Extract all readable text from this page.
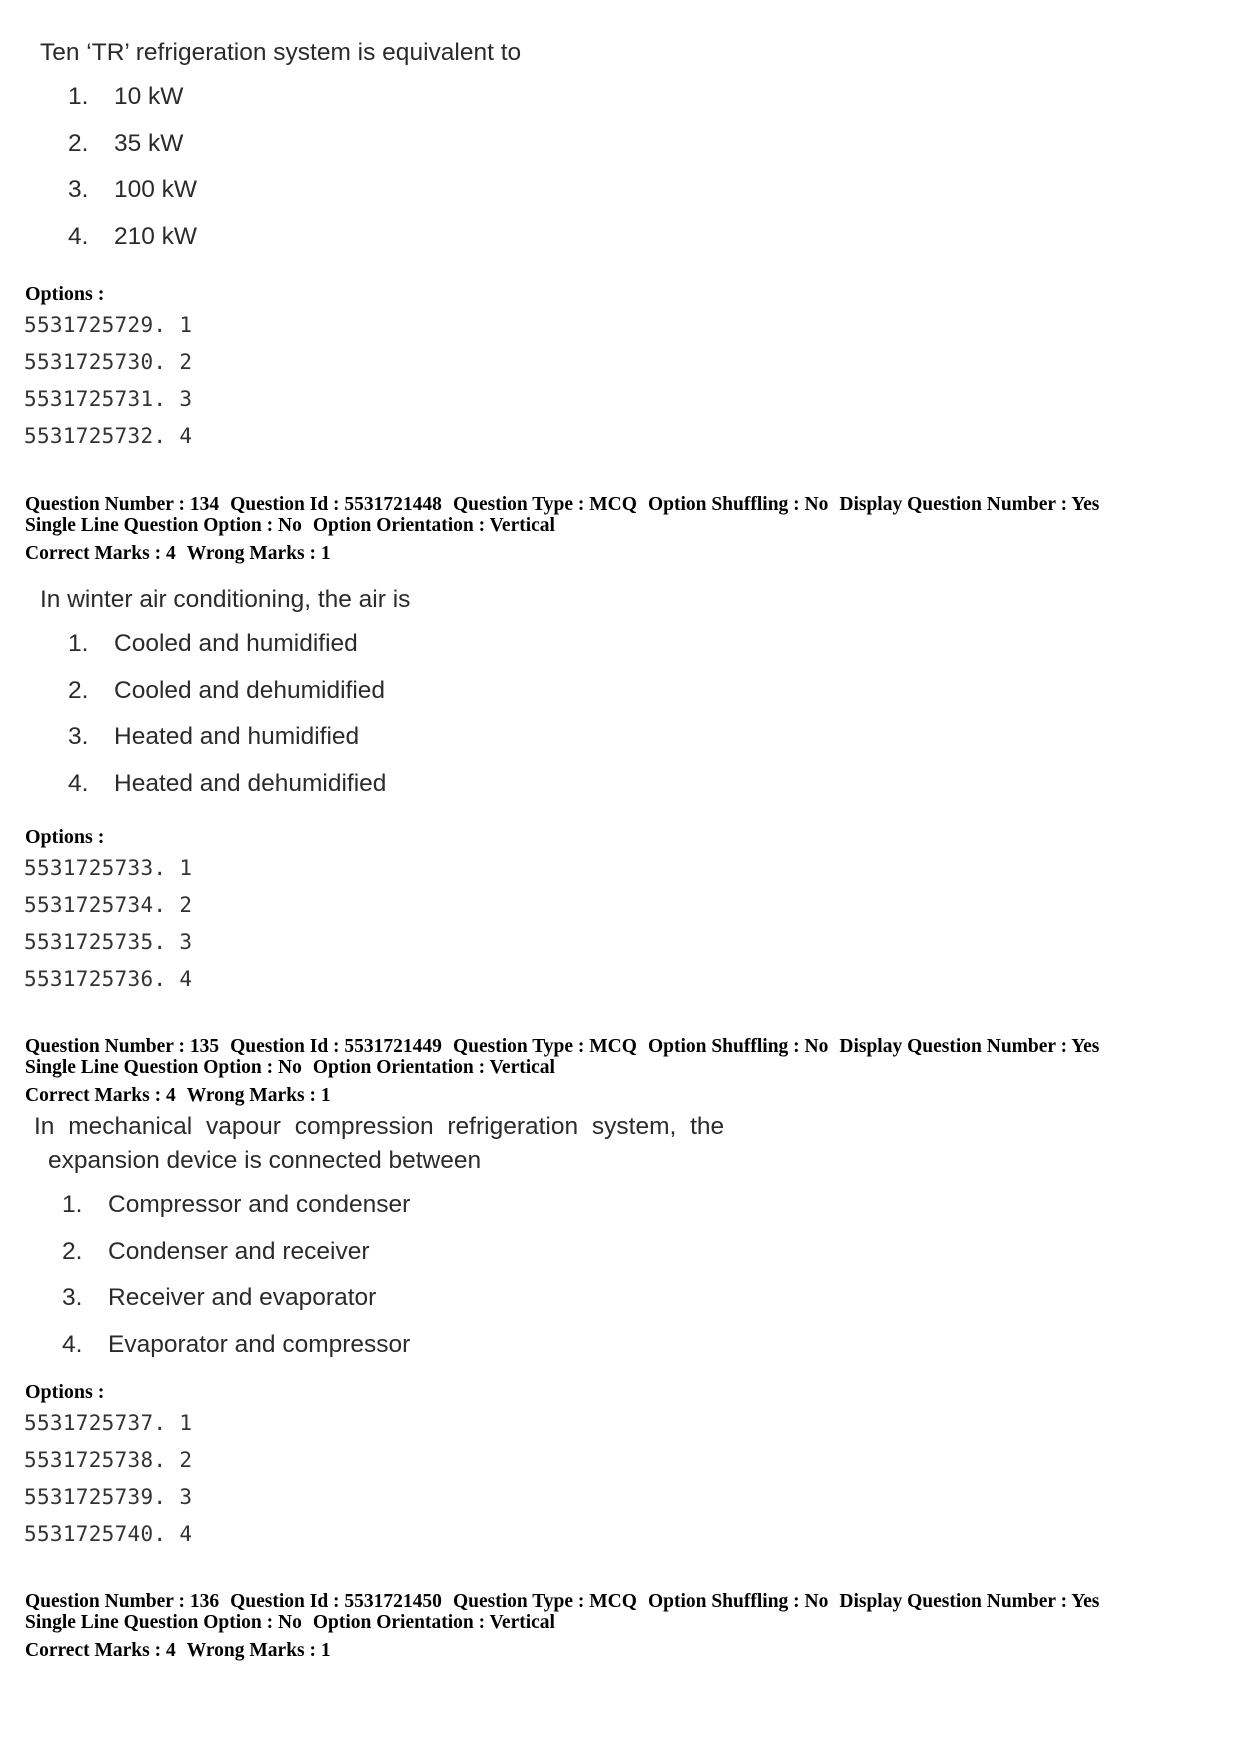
Ten ‘TR’ refrigeration system is equivalent to

1.	10 kW
2.	35 kW
3.	100 kW
4.	210 kW

Options :

5531725729. 1
5531725730. 2
5531725731. 3
5531725732. 4
Question Number : 134 Question Id : 5531721448 Question Type : MCQ Option Shuffling : No Display Question Number : Yes
Single Line Question Option : No Option Orientation : Vertical
Correct Marks : 4 Wrong Marks : 1

In winter air conditioning, the air is

1.	Cooled and humidified
2.	Cooled and dehumidified
3.	Heated and humidified
4.	Heated and dehumidified

Options :

5531725733. 1
5531725734. 2
5531725735. 3
5531725736. 4
Question Number : 135 Question Id : 5531721449 Question Type : MCQ Option Shuffling : No Display Question Number : Yes
Single Line Question Option : No Option Orientation : Vertical
Correct Marks : 4 Wrong Marks : 1

In mechanical vapour compression refrigeration system, the
expansion device is connected between

1.	Compressor and condenser
2.	Condenser and receiver
3.	Receiver and evaporator
4.	Evaporator and compressor

Options :

5531725737. 1
5531725738. 2
5531725739. 3
5531725740. 4
Question Number : 136 Question Id : 5531721450 Question Type : MCQ Option Shuffling : No Display Question Number : Yes
Single Line Question Option : No Option Orientation : Vertical
Correct Marks : 4 Wrong Marks : 1
